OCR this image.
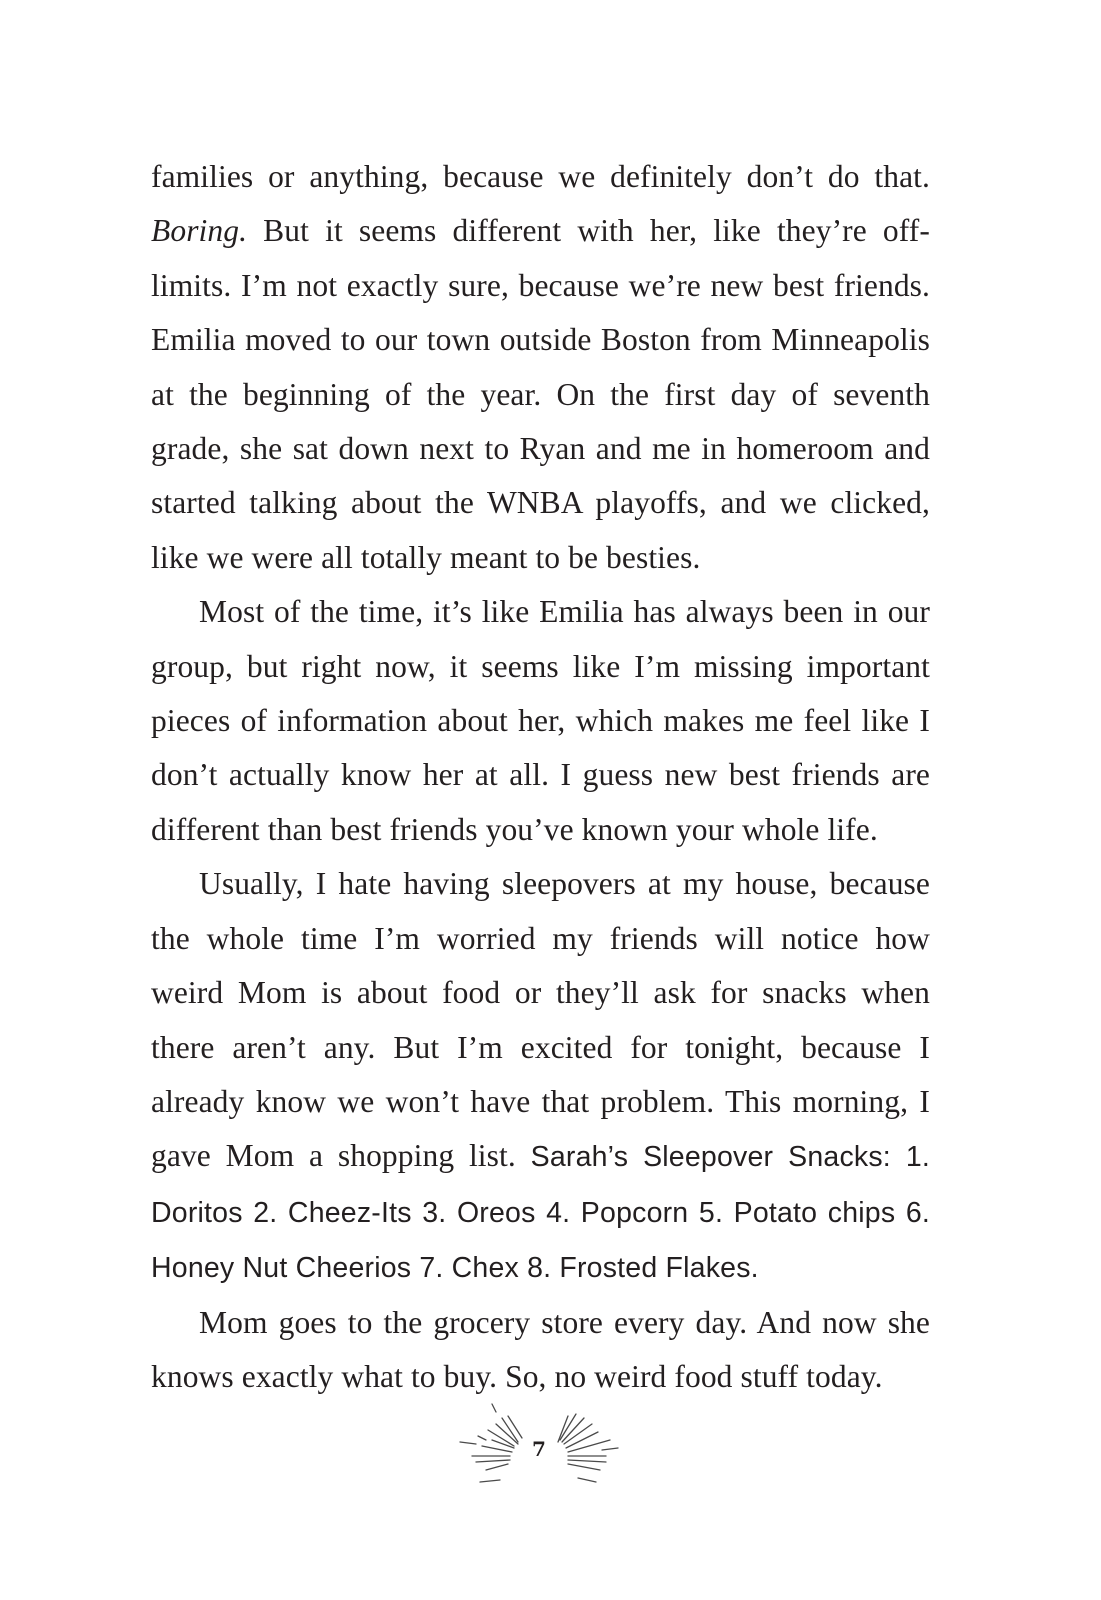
families or anything, because we definitely don’t do that. Boring. But it seems different with her, like they’re off-limits. I’m not exactly sure, because we’re new best friends. Emilia moved to our town outside Boston from Minneapolis at the beginning of the year. On the first day of seventh grade, she sat down next to Ryan and me in homeroom and started talking about the WNBA playoffs, and we clicked, like we were all totally meant to be besties.

Most of the time, it’s like Emilia has always been in our group, but right now, it seems like I’m missing important pieces of information about her, which makes me feel like I don’t actually know her at all. I guess new best friends are different than best friends you’ve known your whole life.

Usually, I hate having sleepovers at my house, because the whole time I’m worried my friends will notice how weird Mom is about food or they’ll ask for snacks when there aren’t any. But I’m excited for tonight, because I already know we won’t have that problem. This morning, I gave Mom a shopping list. Sarah’s Sleepover Snacks: 1. Doritos 2. Cheez-Its 3. Oreos 4. Popcorn 5. Potato chips 6. Honey Nut Cheerios 7. Chex 8. Frosted Flakes.

Mom goes to the grocery store every day. And now she knows exactly what to buy. So, no weird food stuff today.

7
